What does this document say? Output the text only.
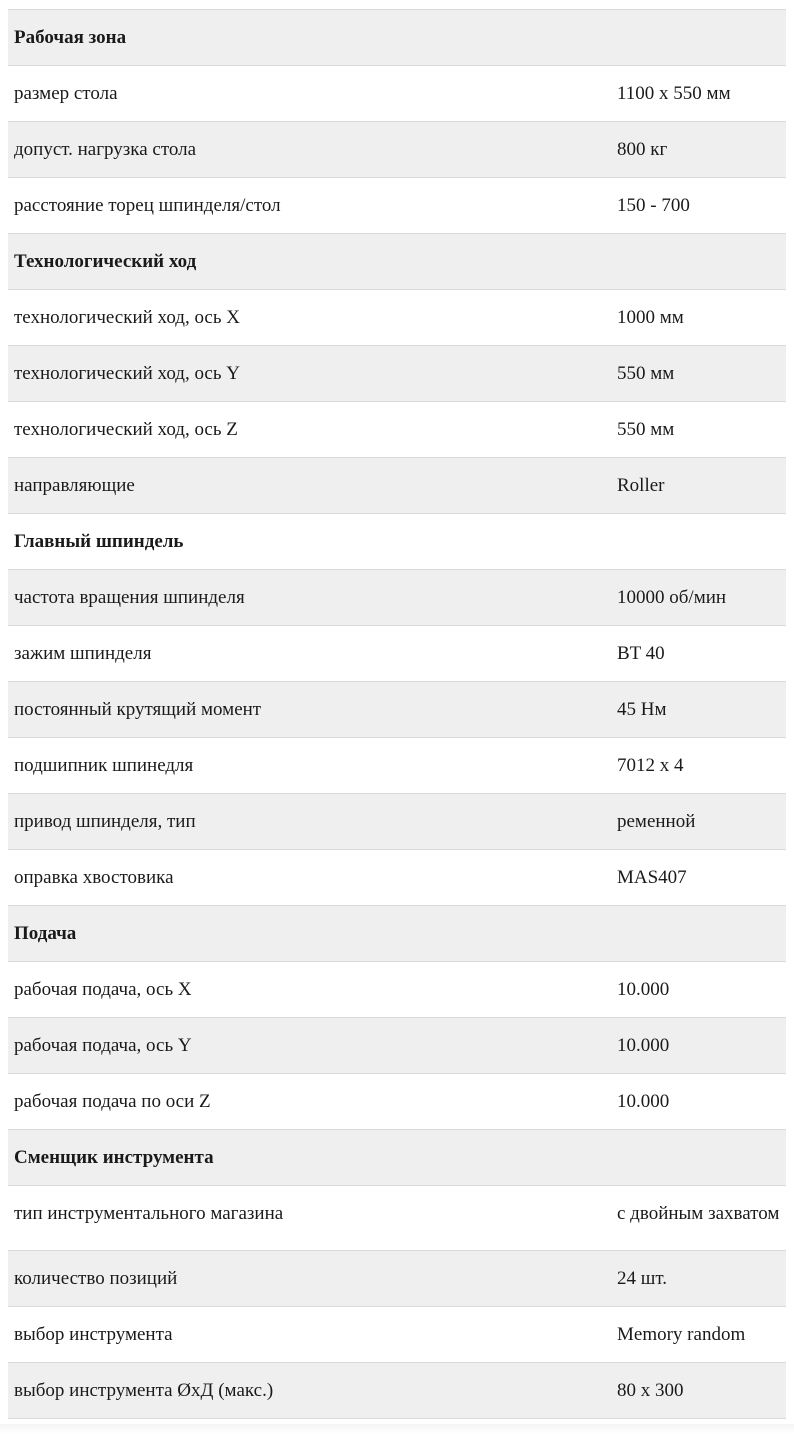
Рабочая зона	
размер стола	1100 x 550 мм
допуст. нагрузка стола	800 кг
расстояние торец шпинделя/стол	150 - 700
Технологический ход	
технологический ход, ось X	1000 мм
технологический ход, ось Y	550 мм
технологический ход, ось Z	550 мм
направляющие	Roller
Главный шпиндель	
частота вращения шпинделя	10000 об/мин
зажим шпинделя	BT 40
постоянный крутящий момент	45 Нм
подшипник шпинедля	7012 x 4
привод шпинделя, тип	ременной
оправка хвостовика	MAS407
Подача	
рабочая подача, ось X	10.000
рабочая подача, ось Y	10.000
рабочая подача по оси Z	10.000
Сменщик инструмента	
тип инструментального магазина	с двойным захватом
количество позиций	24 шт.
выбор инструмента	Memory random
выбор инструмента ØxД (макс.)	80 x 300
